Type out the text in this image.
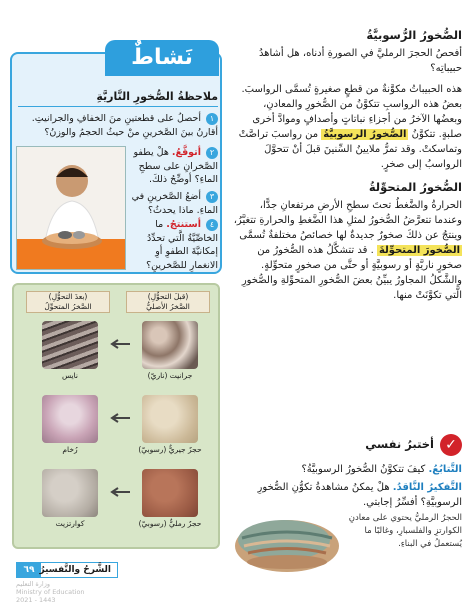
الصُّخورُ الرُّسوبيَّةُ
أفحصُ الحجرَ الرمليَّ في الصورةِ أدناه، هل أشاهدُ حبيباتِه؟
هذه الحبيباتُ مكوَّنةٌ من قطعٍ صغيرةٍ تُسمَّى الرواسبَ. بعضُ هذه الرواسبِ تتكوَّنُ من الصُّخورِ والمعادنِ، وبعضُها الآخرُ من أجزاءِ نباتاتٍ وأصدافٍ وموادَّ أخرى صلبةٍ. تتكوَّنُ الصُّخورُ الرسوبيَّةُ من رواسبَ تراصَّتْ وتماسكتْ. وقد تمرُّ ملايينُ السِّنينَ قبلَ أنْ تتحوَّلَ الرواسبُ إلى صخرٍ.
الصُّخورُ المتحوِّلةُ
الحرارةُ والضَّغطُ تحتَ سطحِ الأرضِ مرتفعانِ جدًّا، وعندما تتعرَّضُ الصُّخورُ لمثلِ هذا الضَّغطِ والحرارةِ تتغيَّرُ، وينتجُ عن ذلكَ صخورٌ جديدةٌ لها خصائصُ مختلفةٌ تُسمَّى الصُّخورَ المتحوِّلةَ . قد تتشكَّلُ هذه الصُّخورُ من صخورٍ ناريَّةٍ أو رسوبيَّةٍ أو حتَّى من صخورٍ متحوِّلةٍ. والشَّكلُ المجاورُ يبيِّنُ بعضَ الصُّخورِ المتحوِّلةِ والصُّخورِ الَّتي تكوَّنَتْ منها.
✓
أختبرُ نفسي
التَّتابُعُ. كيفَ تتكوَّنُ الصُّخورُ الرسوبيَّةُ؟
التَّفكيرُ النَّاقدُ. هلْ يمكنُ مشاهدةُ تكوُّنِ الصُّخورِ الرسوبيَّةِ؟ أفسِّرُ إجابتي.
الحجرُ الرمليُّ يحتوي على معادنِ الكوارتزِ والفلسبارِ، وغالبًا ما يُستعملُ في البناءِ.
نَشاطٌ
ملاحظةُ الصُّخورِ النَّاريَّةِ
١ أحصلُ على قطعتينِ منَ الخفافِ والجرانيتِ. أقارنُ بينَ الصَّخرينِ منْ حيثُ الحجمُ والوزنُ؟
٢ أتوقَّعُ. هلْ يطفو الصَّخرانِ على سطحِ الماءِ؟ أوضِّحُ ذلكَ.
٣ أضعُ الصَّخرينِ في الماءِ. ماذا يحدثُ؟
٤ أستنتجُ. ما الخاصِّيَّةُ الَّتي تحدِّدُ إمكانيَّةَ الطفوِ أوِ الانغمارِ للصَّخرينِ؟
(قبلَ التحوُّلِ)
الصَّخرُ الأصليُّ
(بعدَ التحوُّلِ)
الصَّخرُ المتحوِّلُ
جرانيت (ناريّ)
نايس
حجرٌ جيريٌّ (رسوبيّ)
رُخام
حجرٌ رمليٌّ (رسوبيّ)
كوارتزيت
٦٩ الشَّرحُ والتَّفسيرُ
وزارة التعليم
Ministry of Education
2021 - 1443
